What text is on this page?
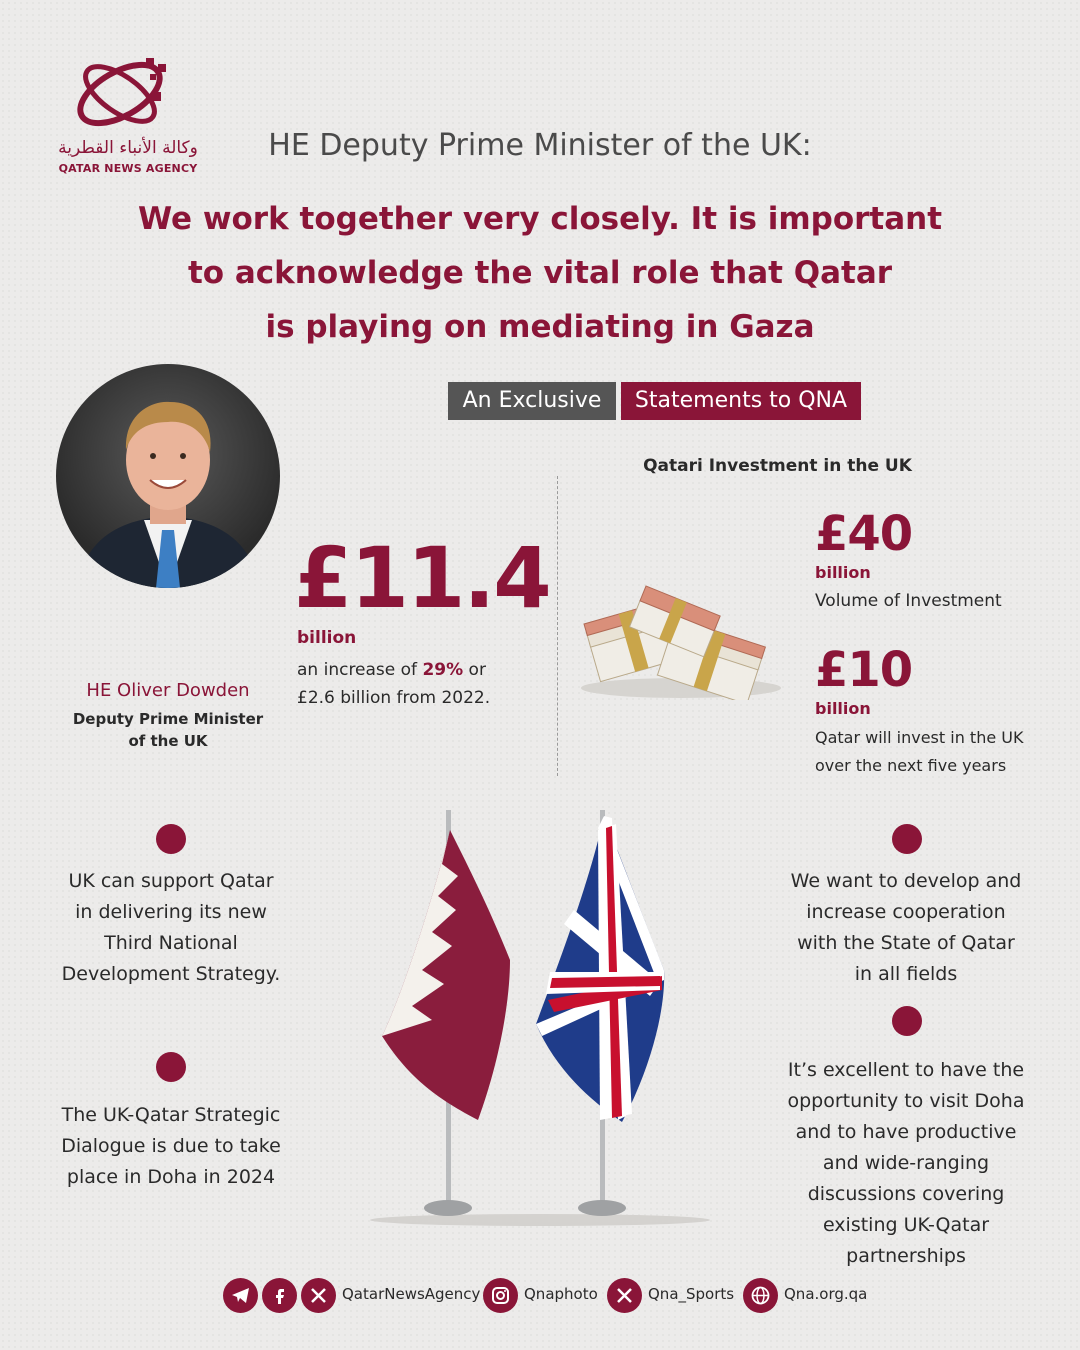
وكالة الأنباء القطرية
QATAR NEWS AGENCY
HE Deputy Prime Minister of the UK:
We work together very closely. It is important
to acknowledge the vital role that Qatar
is playing on mediating in Gaza
An Exclusive	Statements to QNA
HE Oliver Dowden
Deputy Prime Minister
of the UK
£11.4
billion
an increase of 29% or
£2.6 billion from 2022.
Qatari Investment in the UK
£40
billion
Volume of Investment
£10
billion
Qatar will invest in the UK
over the next five years
UK can support Qatar
in delivering its new
Third National
Development Strategy.
The UK-Qatar Strategic
Dialogue is due to take
place in Doha in 2024
We want to develop and
increase cooperation
with the State of Qatar
in all fields
It’s excellent to have the
opportunity to visit Doha
and to have productive
and wide-ranging
discussions covering
existing UK-Qatar
partnerships
QatarNewsAgency	Qnaphoto	Qna_Sports	Qna.org.qa
